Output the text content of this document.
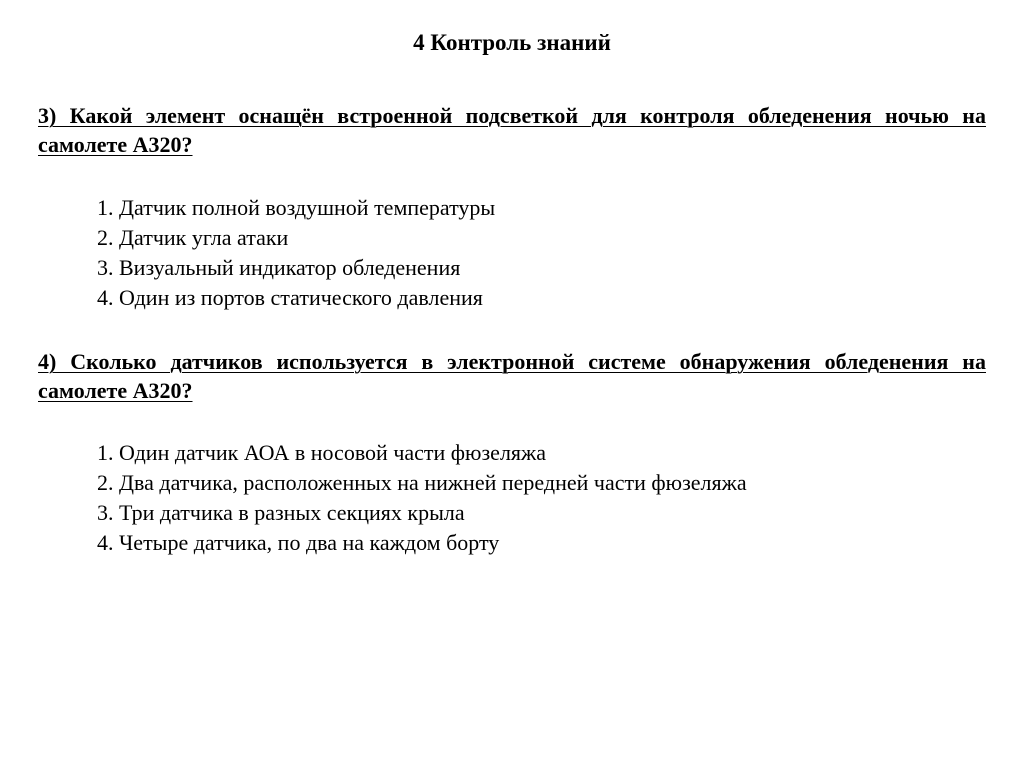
4 Контроль знаний

3) Какой элемент оснащён встроенной подсветкой для контроля обледенения ночью на самолете А320?

1. Датчик полной воздушной температуры
2. Датчик угла атаки
3. Визуальный индикатор обледенения
4. Один из портов статического давления

4) Сколько датчиков используется в электронной системе обнаружения обледенения на самолете А320?

1. Один датчик АОА в носовой части фюзеляжа
2. Два датчика, расположенных на нижней передней части фюзеляжа
3. Три датчика в разных секциях крыла
4. Четыре датчика, по два на каждом борту
